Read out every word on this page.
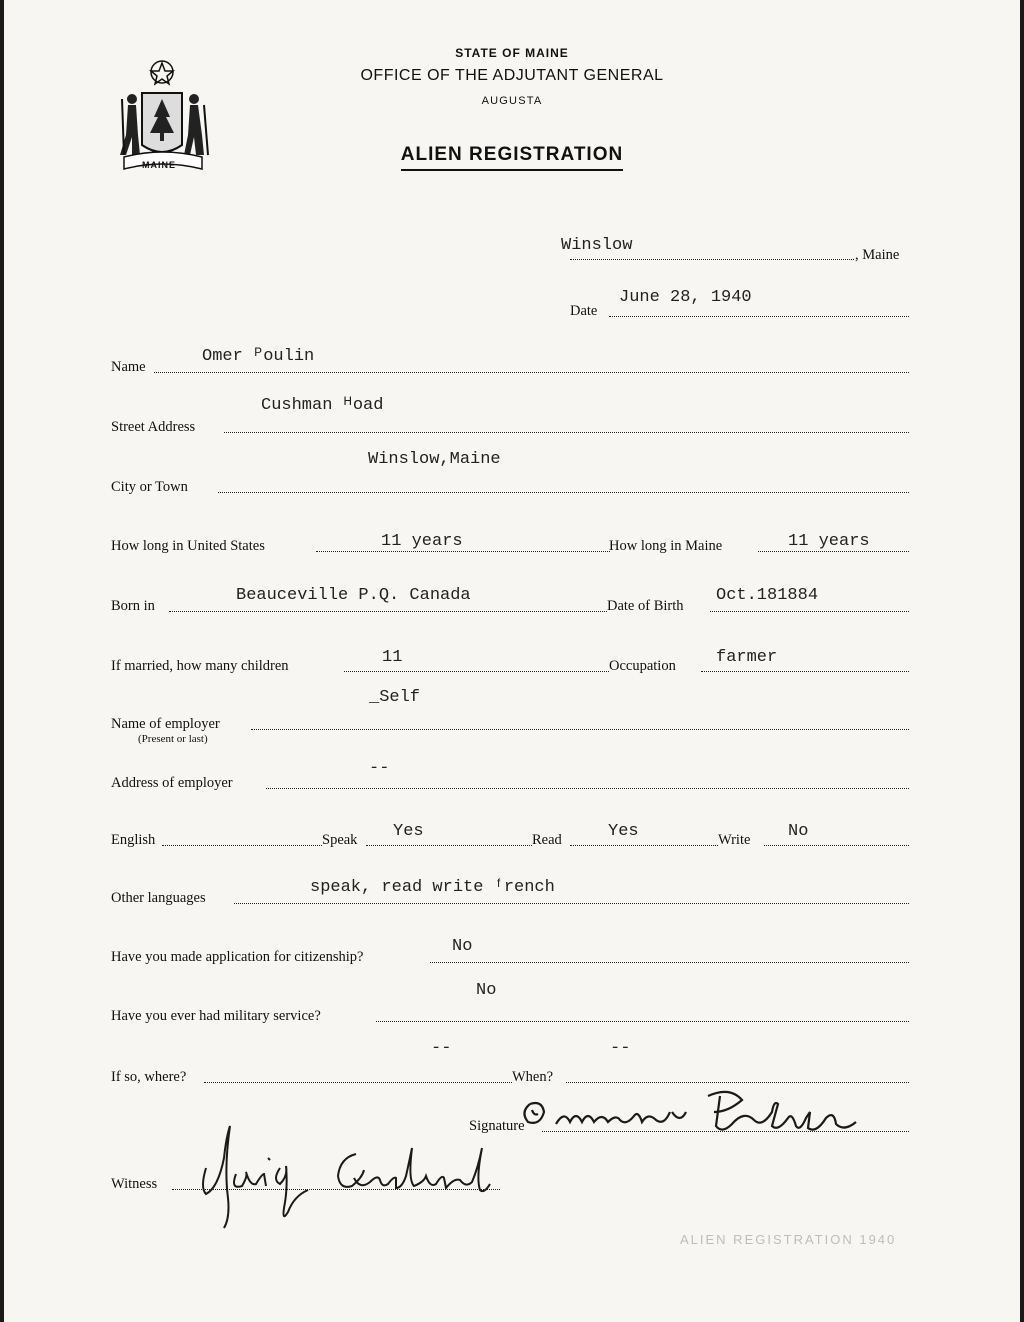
MAINE
STATE OF MAINE
OFFICE OF THE ADJUTANT GENERAL
AUGUSTA
ALIEN REGISTRATION
Winslow	, Maine
Date
June 28, 1940
Name
Omer ᴾoulin
Street Address
Cushman ᴴoad
City or Town
Winslow,Maine
How long in United States	11 years	How long in Maine	11 years
Born in
Beauceville P.Q. Canada
Date of Birth
Oct.181884
If married, how many children	11	Occupation farmer
Name of employer
(Present or last)
_Self
Address of employer
--
English	Speak Yes	Read	Yes	Write No
Other languages
speak, read write ᶠrench
Have you made application for citizenship?
No
Have you ever had military service?
No
If so, where?
--
When?
--
Signature
Witness
ALIEN REGISTRATION 1940
